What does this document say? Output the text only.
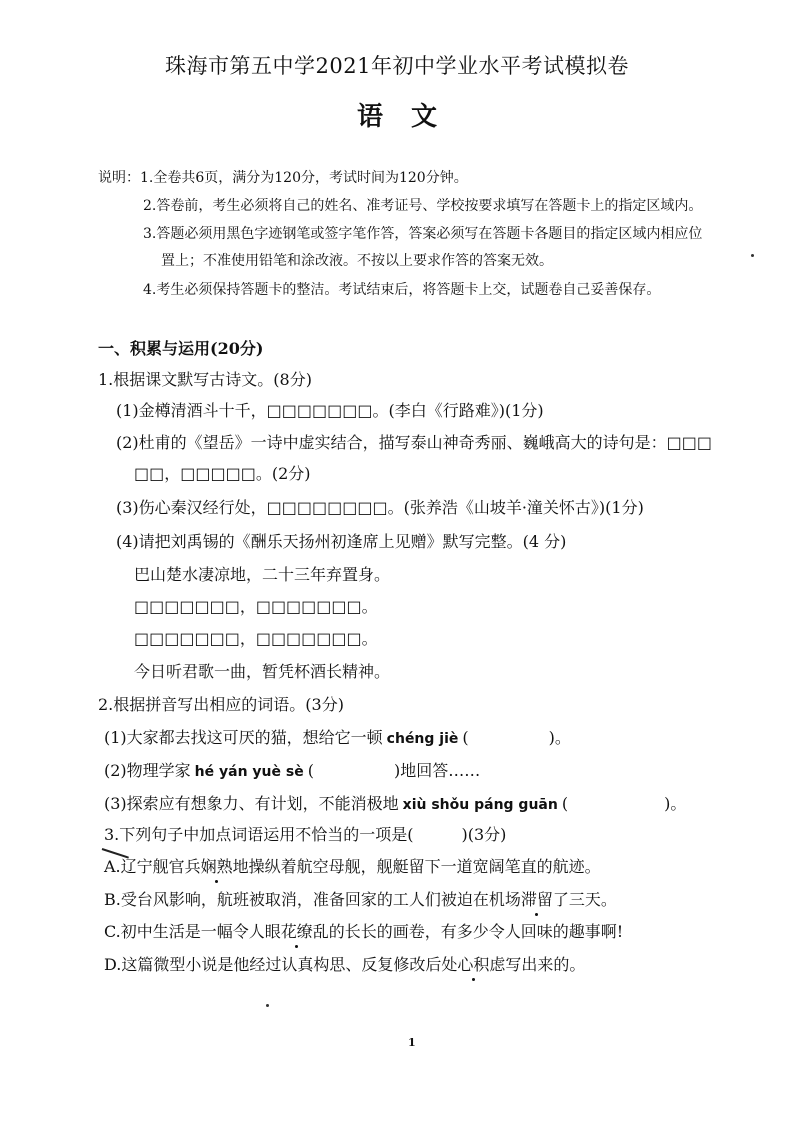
珠海市第五中学2021年初中学业水平考试模拟卷
语文
说明：1.全卷共6页，满分为120分，考试时间为120分钟。
2.答卷前，考生必须将自己的姓名、准考证号、学校按要求填写在答题卡上的指定区域内。
3.答题必须用黑色字迹钢笔或签字笔作答，答案必须写在答题卡各题目的指定区域内相应位
置上；不准使用铅笔和涂改液。不按以上要求作答的答案无效。
4.考生必须保持答题卡的整洁。考试结束后，将答题卡上交，试题卷自己妥善保存。
一、积累与运用(20分)
1.根据课文默写古诗文。(8分)
(1)金樽清酒斗十千，□□□□□□□。(李白《行路难》)(1分)
(2)杜甫的《望岳》一诗中虚实结合，描写泰山神奇秀丽、巍峨高大的诗句是：□□□
□□，□□□□□。(2分)
(3)伤心秦汉经行处，□□□□□□□□。(张养浩《山坡羊·潼关怀古》)(1分)
(4)请把刘禹锡的《酬乐天扬州初逢席上见赠》默写完整。(4 分)
巴山楚水凄凉地，二十三年弃置身。
□□□□□□□，□□□□□□□。
□□□□□□□，□□□□□□□。
今日听君歌一曲，暂凭杯酒长精神。
2.根据拼音写出相应的词语。(3分)
(1)大家都去找这可厌的猫，想给它一顿 chéng jiè (　　　　　)。
(2)物理学家 hé yán yuè sè (　　　　　)地回答……
(3)探索应有想象力、有计划，不能消极地 xiù shǒu páng guān (　　　　　　)。
3.下列句子中加点词语运用不恰当的一项是(　　　)(3分)
A.辽宁舰官兵娴熟地操纵着航空母舰，舰艇留下一道宽阔笔直的航迹。
B.受台风影响，航班被取消，准备回家的工人们被迫在机场滞留了三天。
C.初中生活是一幅令人眼花缭乱的长长的画卷，有多少令人回味的趣事啊!
D.这篇微型小说是他经过认真构思、反复修改后处心积虑写出来的。
1
